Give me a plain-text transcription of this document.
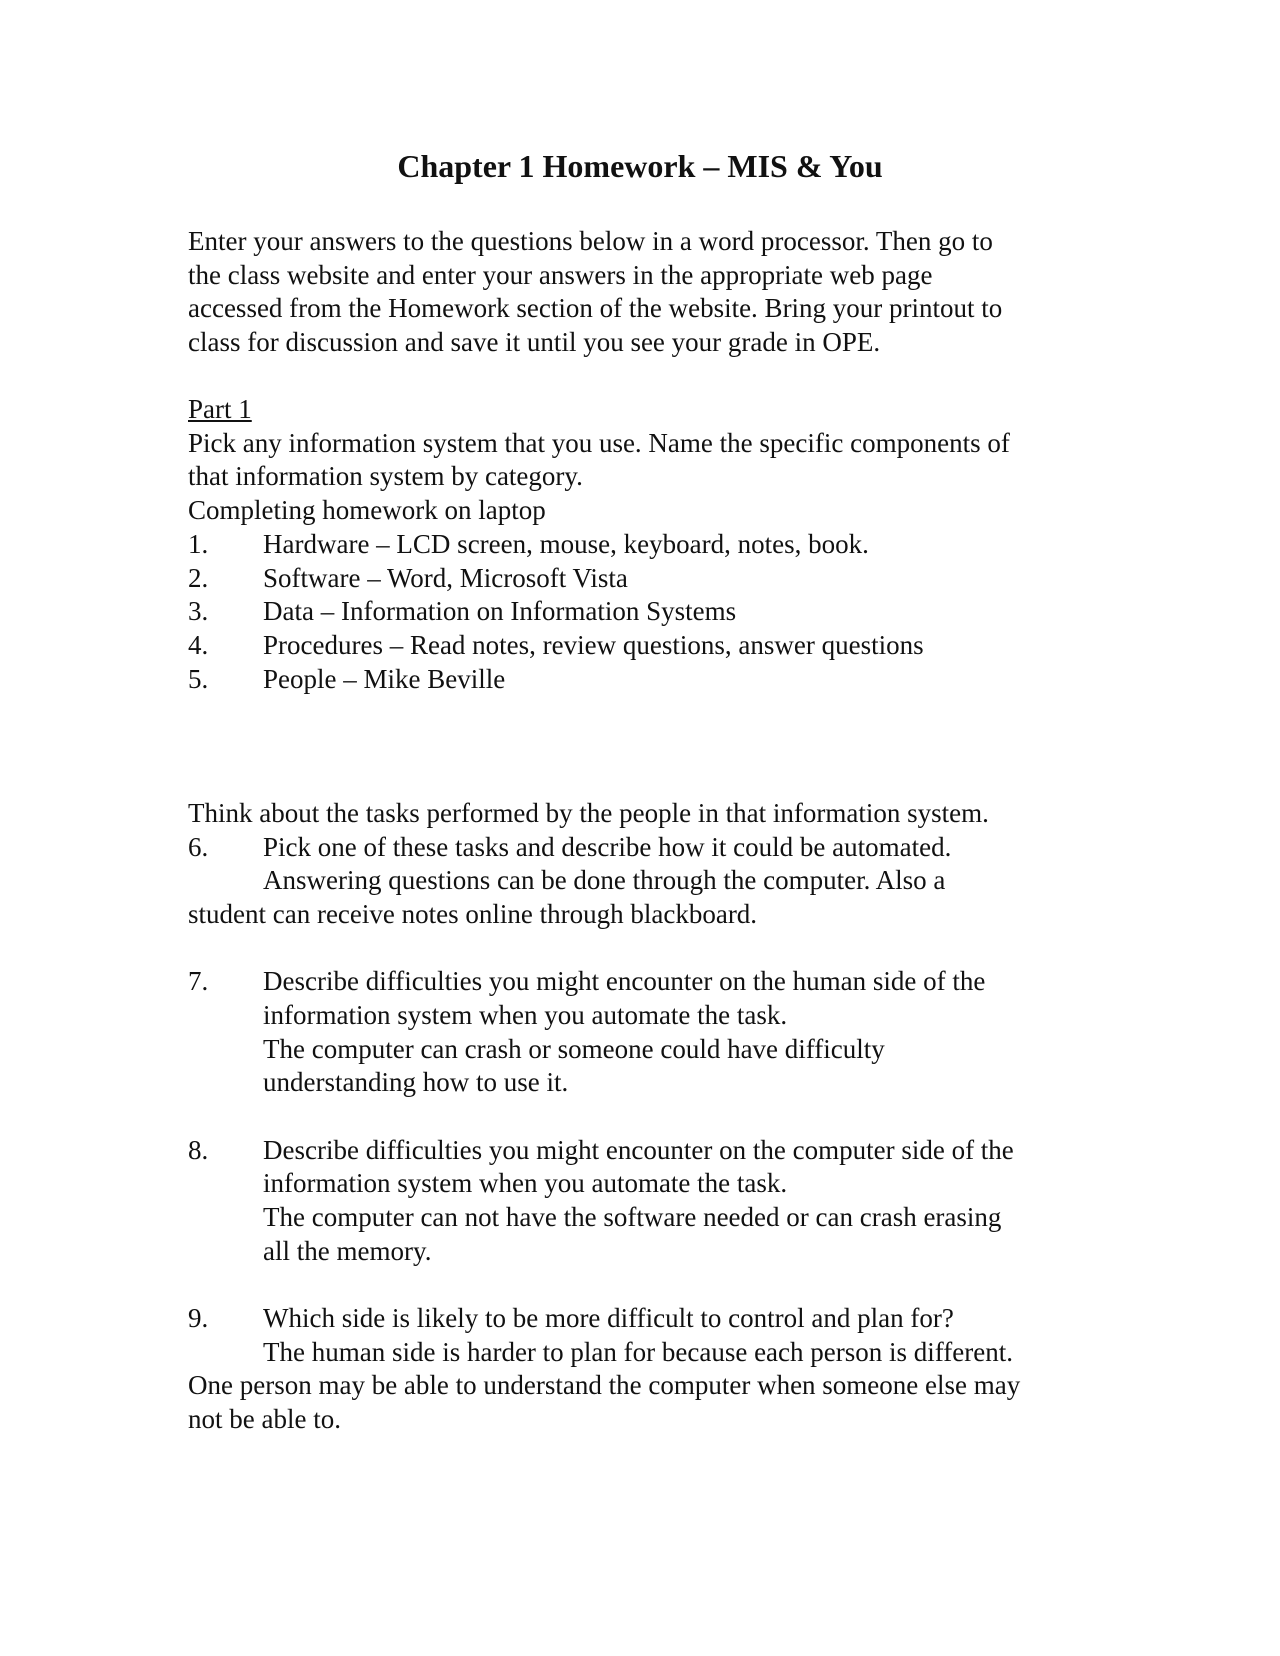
Chapter 1 Homework – MIS & You

Enter your answers to the questions below in a word processor. Then go to

the class website and enter your answers in the appropriate web page

accessed from the Homework section of the website. Bring your printout to

class for discussion and save it until you see your grade in OPE.

Part 1

Pick any information system that you use. Name the specific components of

that information system by category.

Completing homework on laptop

1. Hardware – LCD screen, mouse, keyboard, notes, book.

2. Software – Word, Microsoft Vista

3. Data – Information on Information Systems

4. Procedures – Read notes, review questions, answer questions

5. People – Mike Beville

Think about the tasks performed by the people in that information system.

6. Pick one of these tasks and describe how it could be automated.

Answering questions can be done through the computer. Also a

student can receive notes online through blackboard.

7. Describe difficulties you might encounter on the human side of the

information system when you automate the task.

The computer can crash or someone could have difficulty

understanding how to use it.

8. Describe difficulties you might encounter on the computer side of the

information system when you automate the task.

The computer can not have the software needed or can crash erasing

all the memory.

9. Which side is likely to be more difficult to control and plan for?

The human side is harder to plan for because each person is different.

One person may be able to understand the computer when someone else may

not be able to.
